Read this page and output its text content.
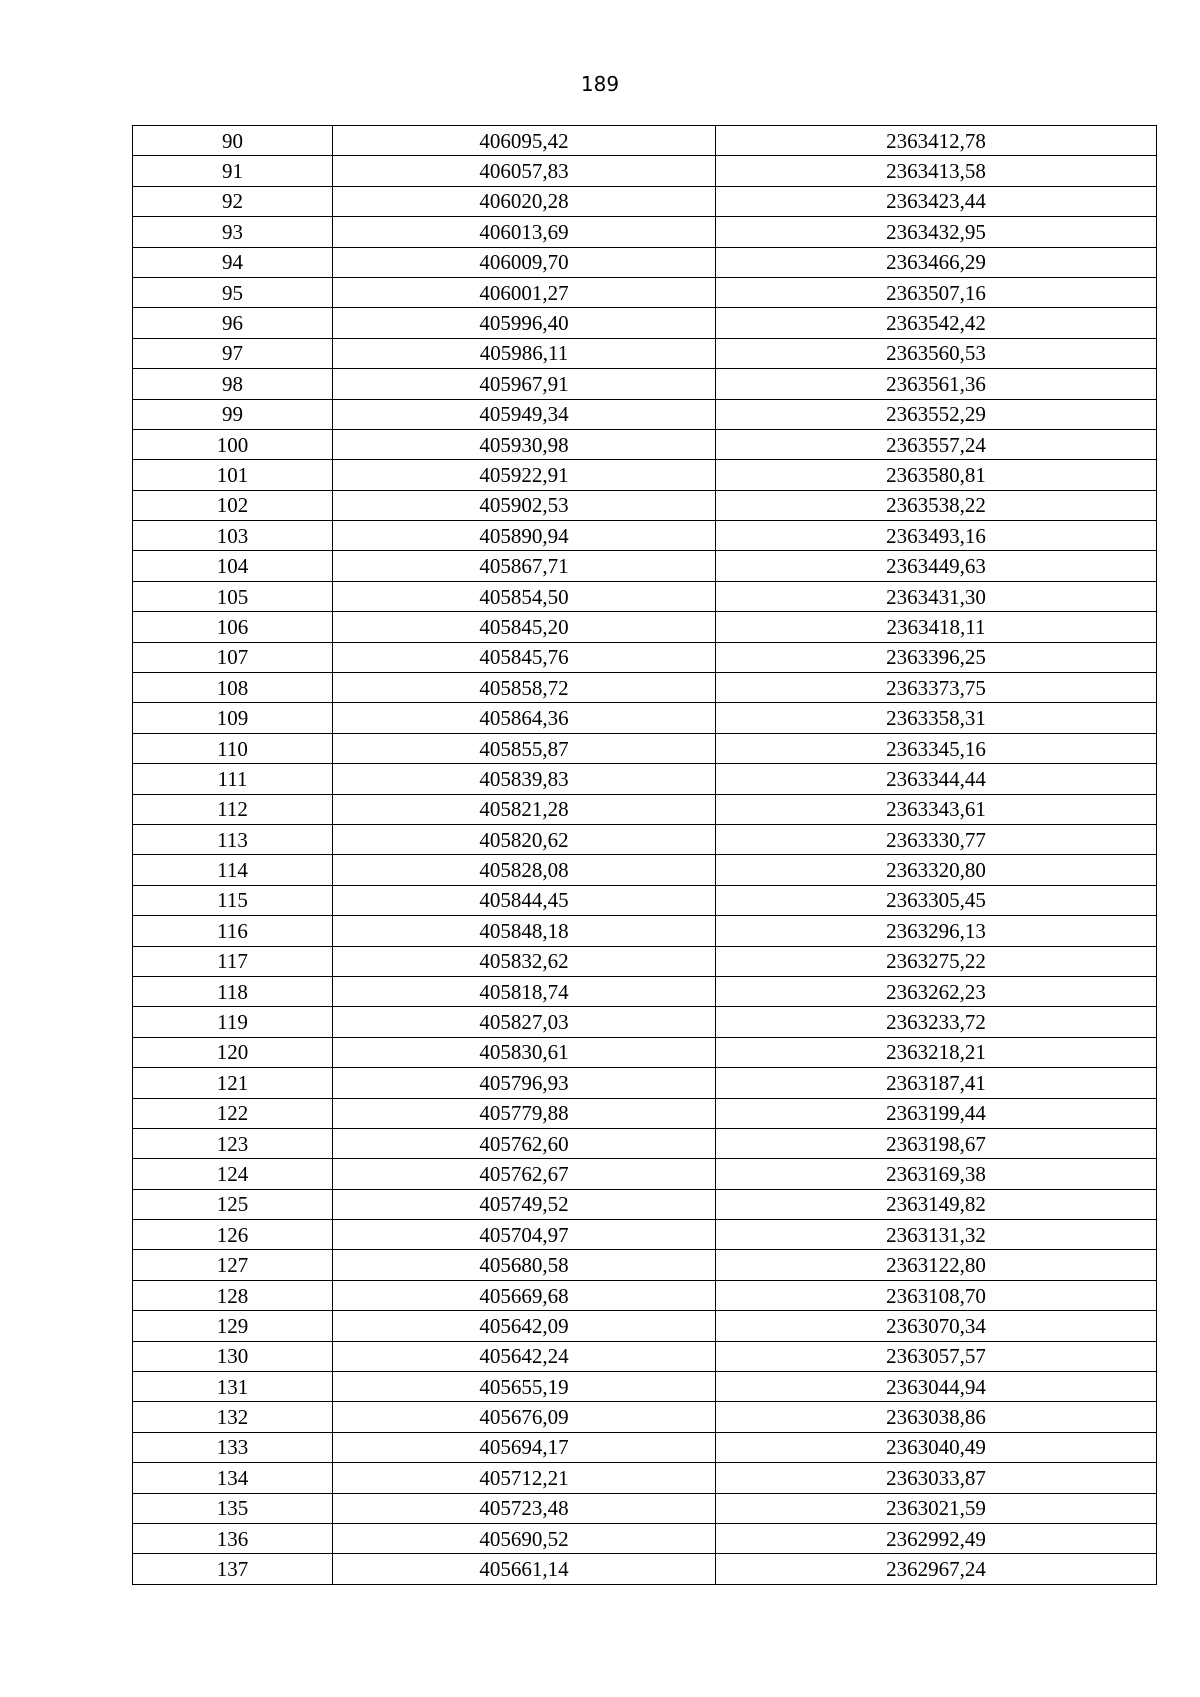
189
90	406095,42	2363412,78
91	406057,83	2363413,58
92	406020,28	2363423,44
93	406013,69	2363432,95
94	406009,70	2363466,29
95	406001,27	2363507,16
96	405996,40	2363542,42
97	405986,11	2363560,53
98	405967,91	2363561,36
99	405949,34	2363552,29
100	405930,98	2363557,24
101	405922,91	2363580,81
102	405902,53	2363538,22
103	405890,94	2363493,16
104	405867,71	2363449,63
105	405854,50	2363431,30
106	405845,20	2363418,11
107	405845,76	2363396,25
108	405858,72	2363373,75
109	405864,36	2363358,31
110	405855,87	2363345,16
111	405839,83	2363344,44
112	405821,28	2363343,61
113	405820,62	2363330,77
114	405828,08	2363320,80
115	405844,45	2363305,45
116	405848,18	2363296,13
117	405832,62	2363275,22
118	405818,74	2363262,23
119	405827,03	2363233,72
120	405830,61	2363218,21
121	405796,93	2363187,41
122	405779,88	2363199,44
123	405762,60	2363198,67
124	405762,67	2363169,38
125	405749,52	2363149,82
126	405704,97	2363131,32
127	405680,58	2363122,80
128	405669,68	2363108,70
129	405642,09	2363070,34
130	405642,24	2363057,57
131	405655,19	2363044,94
132	405676,09	2363038,86
133	405694,17	2363040,49
134	405712,21	2363033,87
135	405723,48	2363021,59
136	405690,52	2362992,49
137	405661,14	2362967,24
